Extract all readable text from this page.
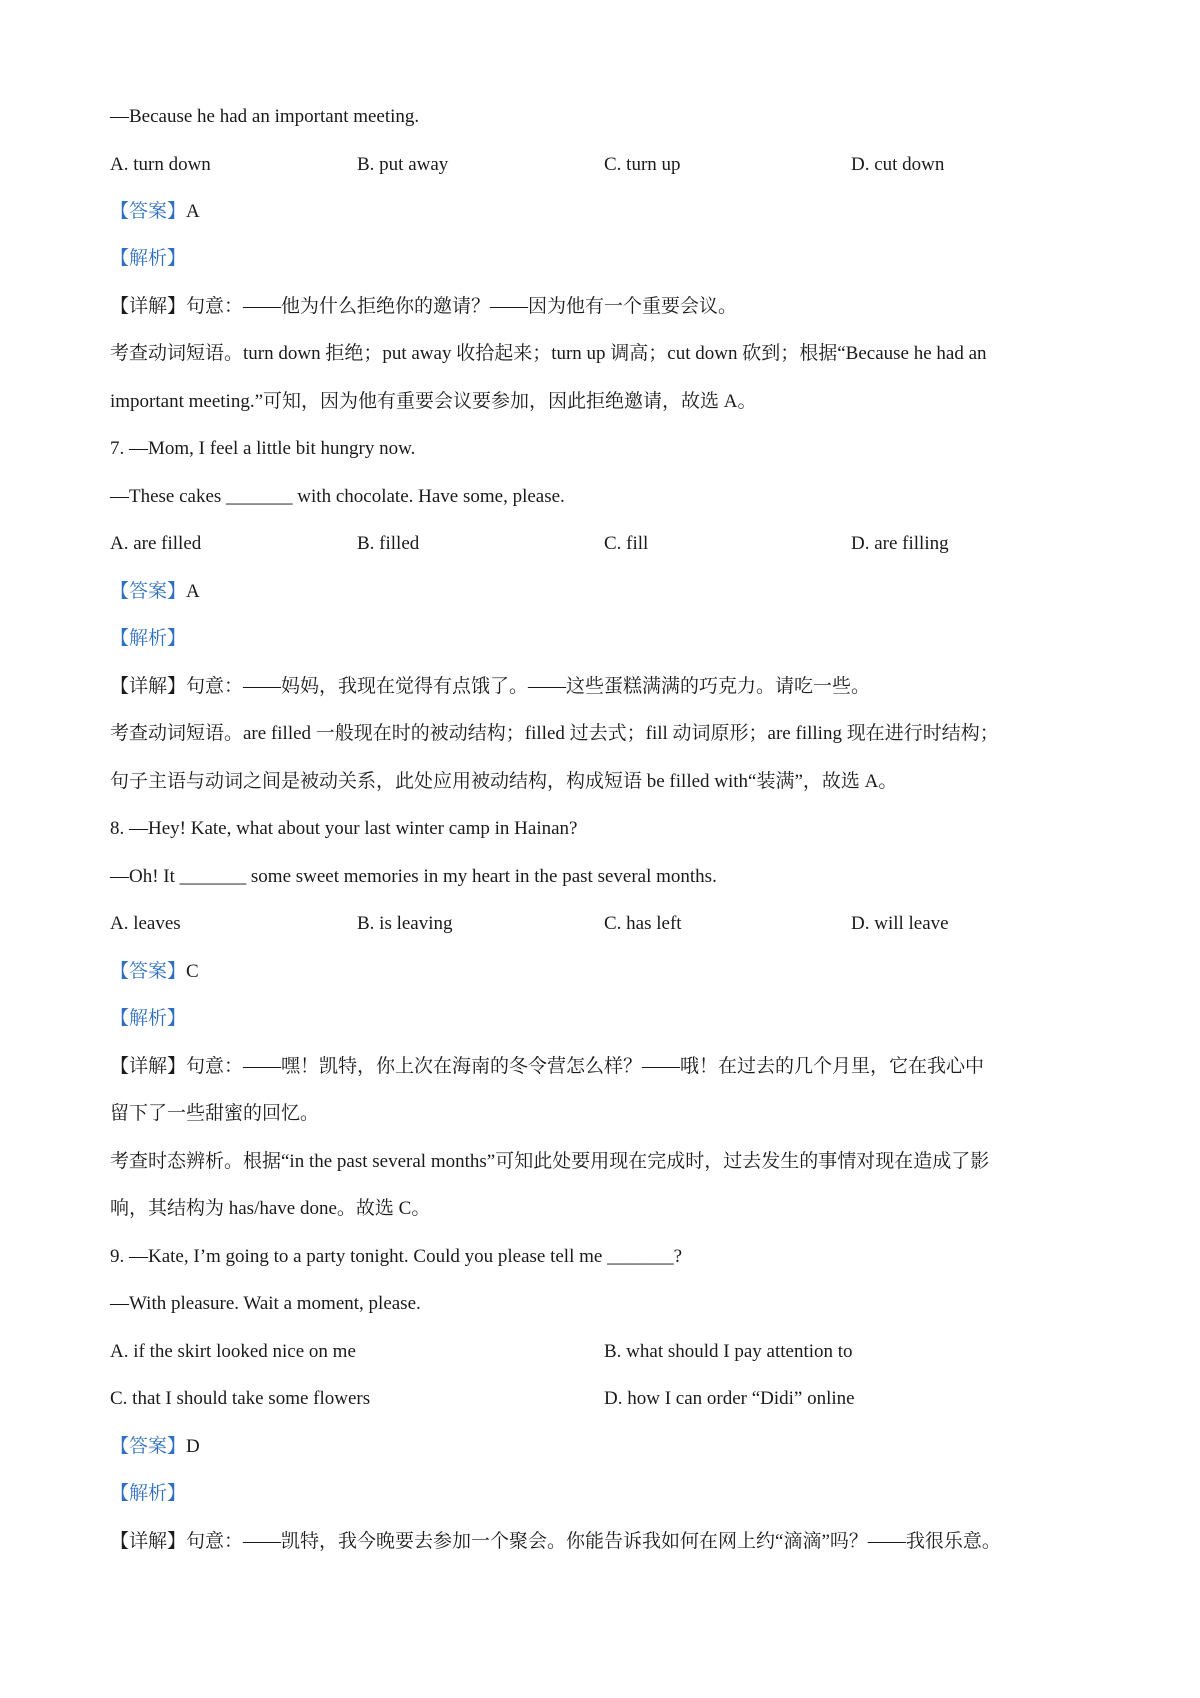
—Because he had an important meeting.
A. turn down	B. put away	C. turn up	D. cut down
【答案】A
【解析】
【详解】句意：——他为什么拒绝你的邀请？——因为他有一个重要会议。
考查动词短语。turn down 拒绝；put away 收拾起来；turn up 调高；cut down 砍到；根据“Because he had an
important meeting.”可知，因为他有重要会议要参加，因此拒绝邀请，故选 A。
7. —Mom, I feel a little bit hungry now.
—These cakes _______ with chocolate. Have some, please.
A. are filled	B. filled	C. fill	D. are filling
【答案】A
【解析】
【详解】句意：——妈妈，我现在觉得有点饿了。——这些蛋糕满满的巧克力。请吃一些。
考查动词短语。are filled 一般现在时的被动结构；filled 过去式；fill 动词原形；are filling 现在进行时结构；
句子主语与动词之间是被动关系，此处应用被动结构，构成短语 be filled with“装满”，故选 A。
8. —Hey! Kate, what about your last winter camp in Hainan?
—Oh! It _______ some sweet memories in my heart in the past several months.
A. leaves	B. is leaving	C. has left	D. will leave
【答案】C
【解析】
【详解】句意：——嘿！凯特，你上次在海南的冬令营怎么样？——哦！在过去的几个月里，它在我心中
留下了一些甜蜜的回忆。
考查时态辨析。根据“in the past several months”可知此处要用现在完成时，过去发生的事情对现在造成了影
响，其结构为 has/have done。故选 C。
9. —Kate, I’m going to a party tonight. Could you please tell me _______?
—With pleasure. Wait a moment, please.
A. if the skirt looked nice on me	B. what should I pay attention to
C. that I should take some flowers	D. how I can order “Didi” online
【答案】D
【解析】
【详解】句意：——凯特，我今晚要去参加一个聚会。你能告诉我如何在网上约“滴滴”吗？——我很乐意。
